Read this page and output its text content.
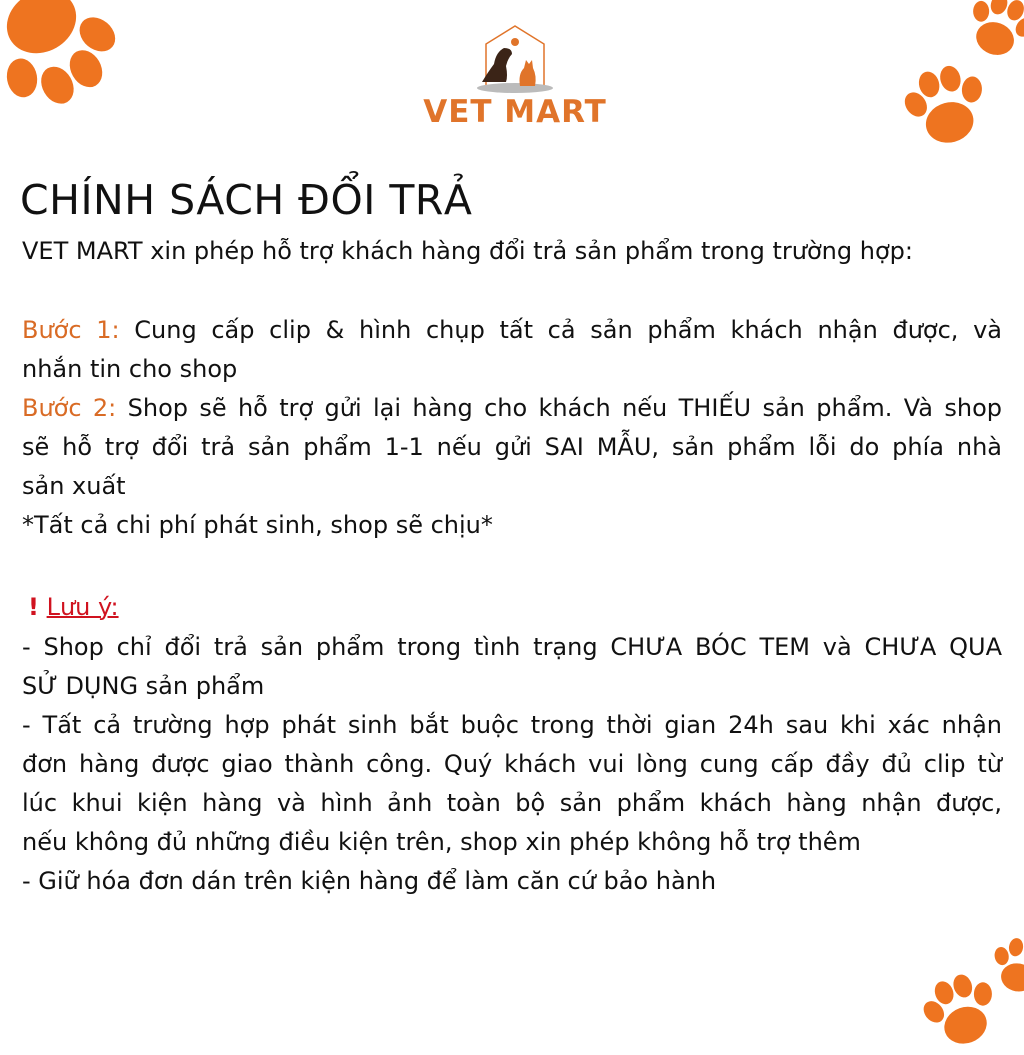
VET MART
CHÍNH SÁCH ĐỔI TRẢ
VET MART xin phép hỗ trợ khách hàng đổi trả sản phẩm trong trường hợp:
Bước 1: Cung cấp clip & hình chụp tất cả sản phẩm khách nhận được, và
nhắn tin cho shop
Bước 2: Shop sẽ hỗ trợ gửi lại hàng cho khách nếu THIẾU sản phẩm. Và shop
sẽ hỗ trợ đổi trả sản phẩm 1-1 nếu gửi SAI MẪU, sản phẩm lỗi do phía nhà
sản xuất
*Tất cả chi phí phát sinh, shop sẽ chịu*
! Lưu ý:
- Shop chỉ đổi trả sản phẩm trong tình trạng CHƯA BÓC TEM và CHƯA QUA
SỬ DỤNG sản phẩm
- Tất cả trường hợp phát sinh bắt buộc trong thời gian 24h sau khi xác nhận
đơn hàng được giao thành công. Quý khách vui lòng cung cấp đầy đủ clip từ
lúc khui kiện hàng và hình ảnh toàn bộ sản phẩm khách hàng nhận được,
nếu không đủ những điều kiện trên, shop xin phép không hỗ trợ thêm
- Giữ hóa đơn dán trên kiện hàng để làm căn cứ bảo hành
